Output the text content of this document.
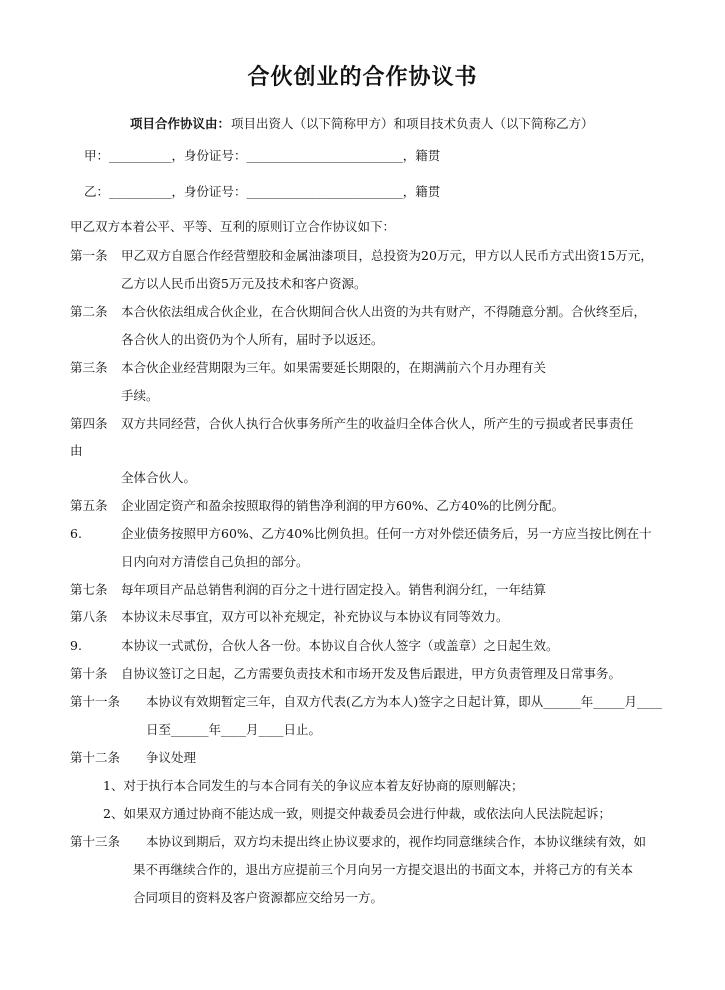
合伙创业的合作协议书
项目合作协议由： 项目出资人（以下简称甲方）和项目技术负责人（以下简称乙方）
甲：__________，身份证号：_________________________，籍贯
乙：__________，身份证号：_________________________，籍贯
甲乙双方本着公平、平等、互利的原则订立合作协议如下：
第一条 甲乙双方自愿合作经营塑胶和金属油漆项目，总投资为20万元，甲方以人民币方式出资15万元，
乙方以人民币出资5万元及技术和客户资源。
第二条 本合伙依法组成合伙企业，在合伙期间合伙人出资的为共有财产，不得随意分割。合伙终至后，
各合伙人的出资仍为个人所有，届时予以返还。
第三条 本合伙企业经营期限为三年。如果需要延长期限的，在期满前六个月办理有关
手续。
第四条 双方共同经营，合伙人执行合伙事务所产生的收益归全体合伙人，所产生的亏损或者民事责任
由
全体合伙人。
第五条 企业固定资产和盈余按照取得的销售净利润的甲方60%、乙方40%的比例分配。
6.	企业债务按照甲方60%、乙方40%比例负担。任何一方对外偿还债务后，另一方应当按比例在十
日内向对方清偿自己负担的部分。
第七条 每年项目产品总销售利润的百分之十进行固定投入。销售利润分红，一年结算
第八条 本协议未尽事宜，双方可以补充规定，补充协议与本协议有同等效力。
9.	本协议一式贰份，合伙人各一份。本协议自合伙人签字（或盖章）之日起生效。
第十条 自协议签订之日起，乙方需要负责技术和市场开发及售后跟进，甲方负责管理及日常事务。
第十一条 本协议有效期暂定三年，自双方代表(乙方为本人)签字之日起计算，即从______年_____月____
日至______年____月____日止。
第十二条 争议处理
1、对于执行本合同发生的与本合同有关的争议应本着友好协商的原则解决；
2、如果双方通过协商不能达成一致，则提交仲裁委员会进行仲裁，或依法向人民法院起诉；
第十三条 本协议到期后，双方均未提出终止协议要求的，视作均同意继续合作，本协议继续有效，如
果不再继续合作的，退出方应提前三个月向另一方提交退出的书面文本，并将己方的有关本
合同项目的资料及客户资源都应交给另一方。
